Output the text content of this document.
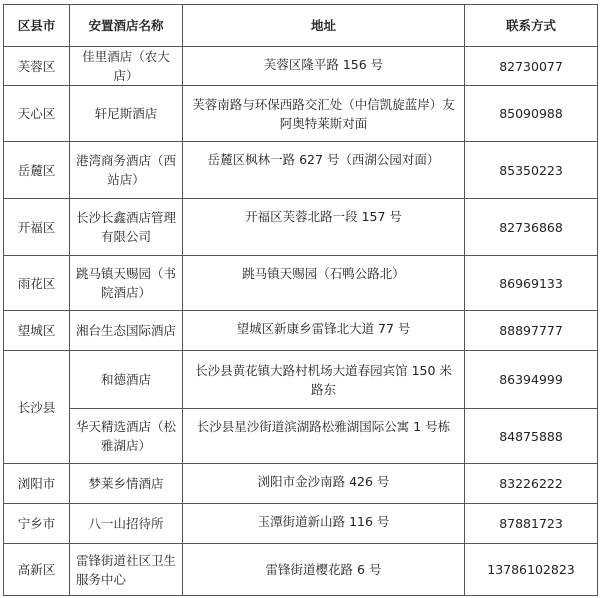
区县市	安置酒店名称	地址	联系方式
芙蓉区	佳里酒店（农大店）	芙蓉区隆平路 156 号	82730077
天心区	轩尼斯酒店	芙蓉南路与环保西路交汇处（中信凯旋蓝岸）友阿奥特莱斯对面	85090988
岳麓区	港湾商务酒店（西站店）	岳麓区枫林一路 627 号（西湖公园对面）	85350223
开福区	长沙长鑫酒店管理有限公司	开福区芙蓉北路一段 157 号	82736868
雨花区	跳马镇天赐园（书院酒店）	跳马镇天赐园（石鸭公路北）	86969133
望城区	湘台生态国际酒店	望城区新康乡雷锋北大道 77 号	88897777
长沙县	和德酒店	长沙县黄花镇大路村机场大道春园宾馆 150 米路东	86394999
	华天精选酒店（松雅湖店）	长沙县星沙街道滨湖路松雅湖国际公寓 1 号栋	84875888
浏阳市	梦莱乡情酒店	浏阳市金沙南路 426 号	83226222
宁乡市	八一山招待所	玉潭街道新山路 116 号	87881723
高新区	雷锋街道社区卫生服务中心	雷锋街道樱花路 6 号	13786102823
